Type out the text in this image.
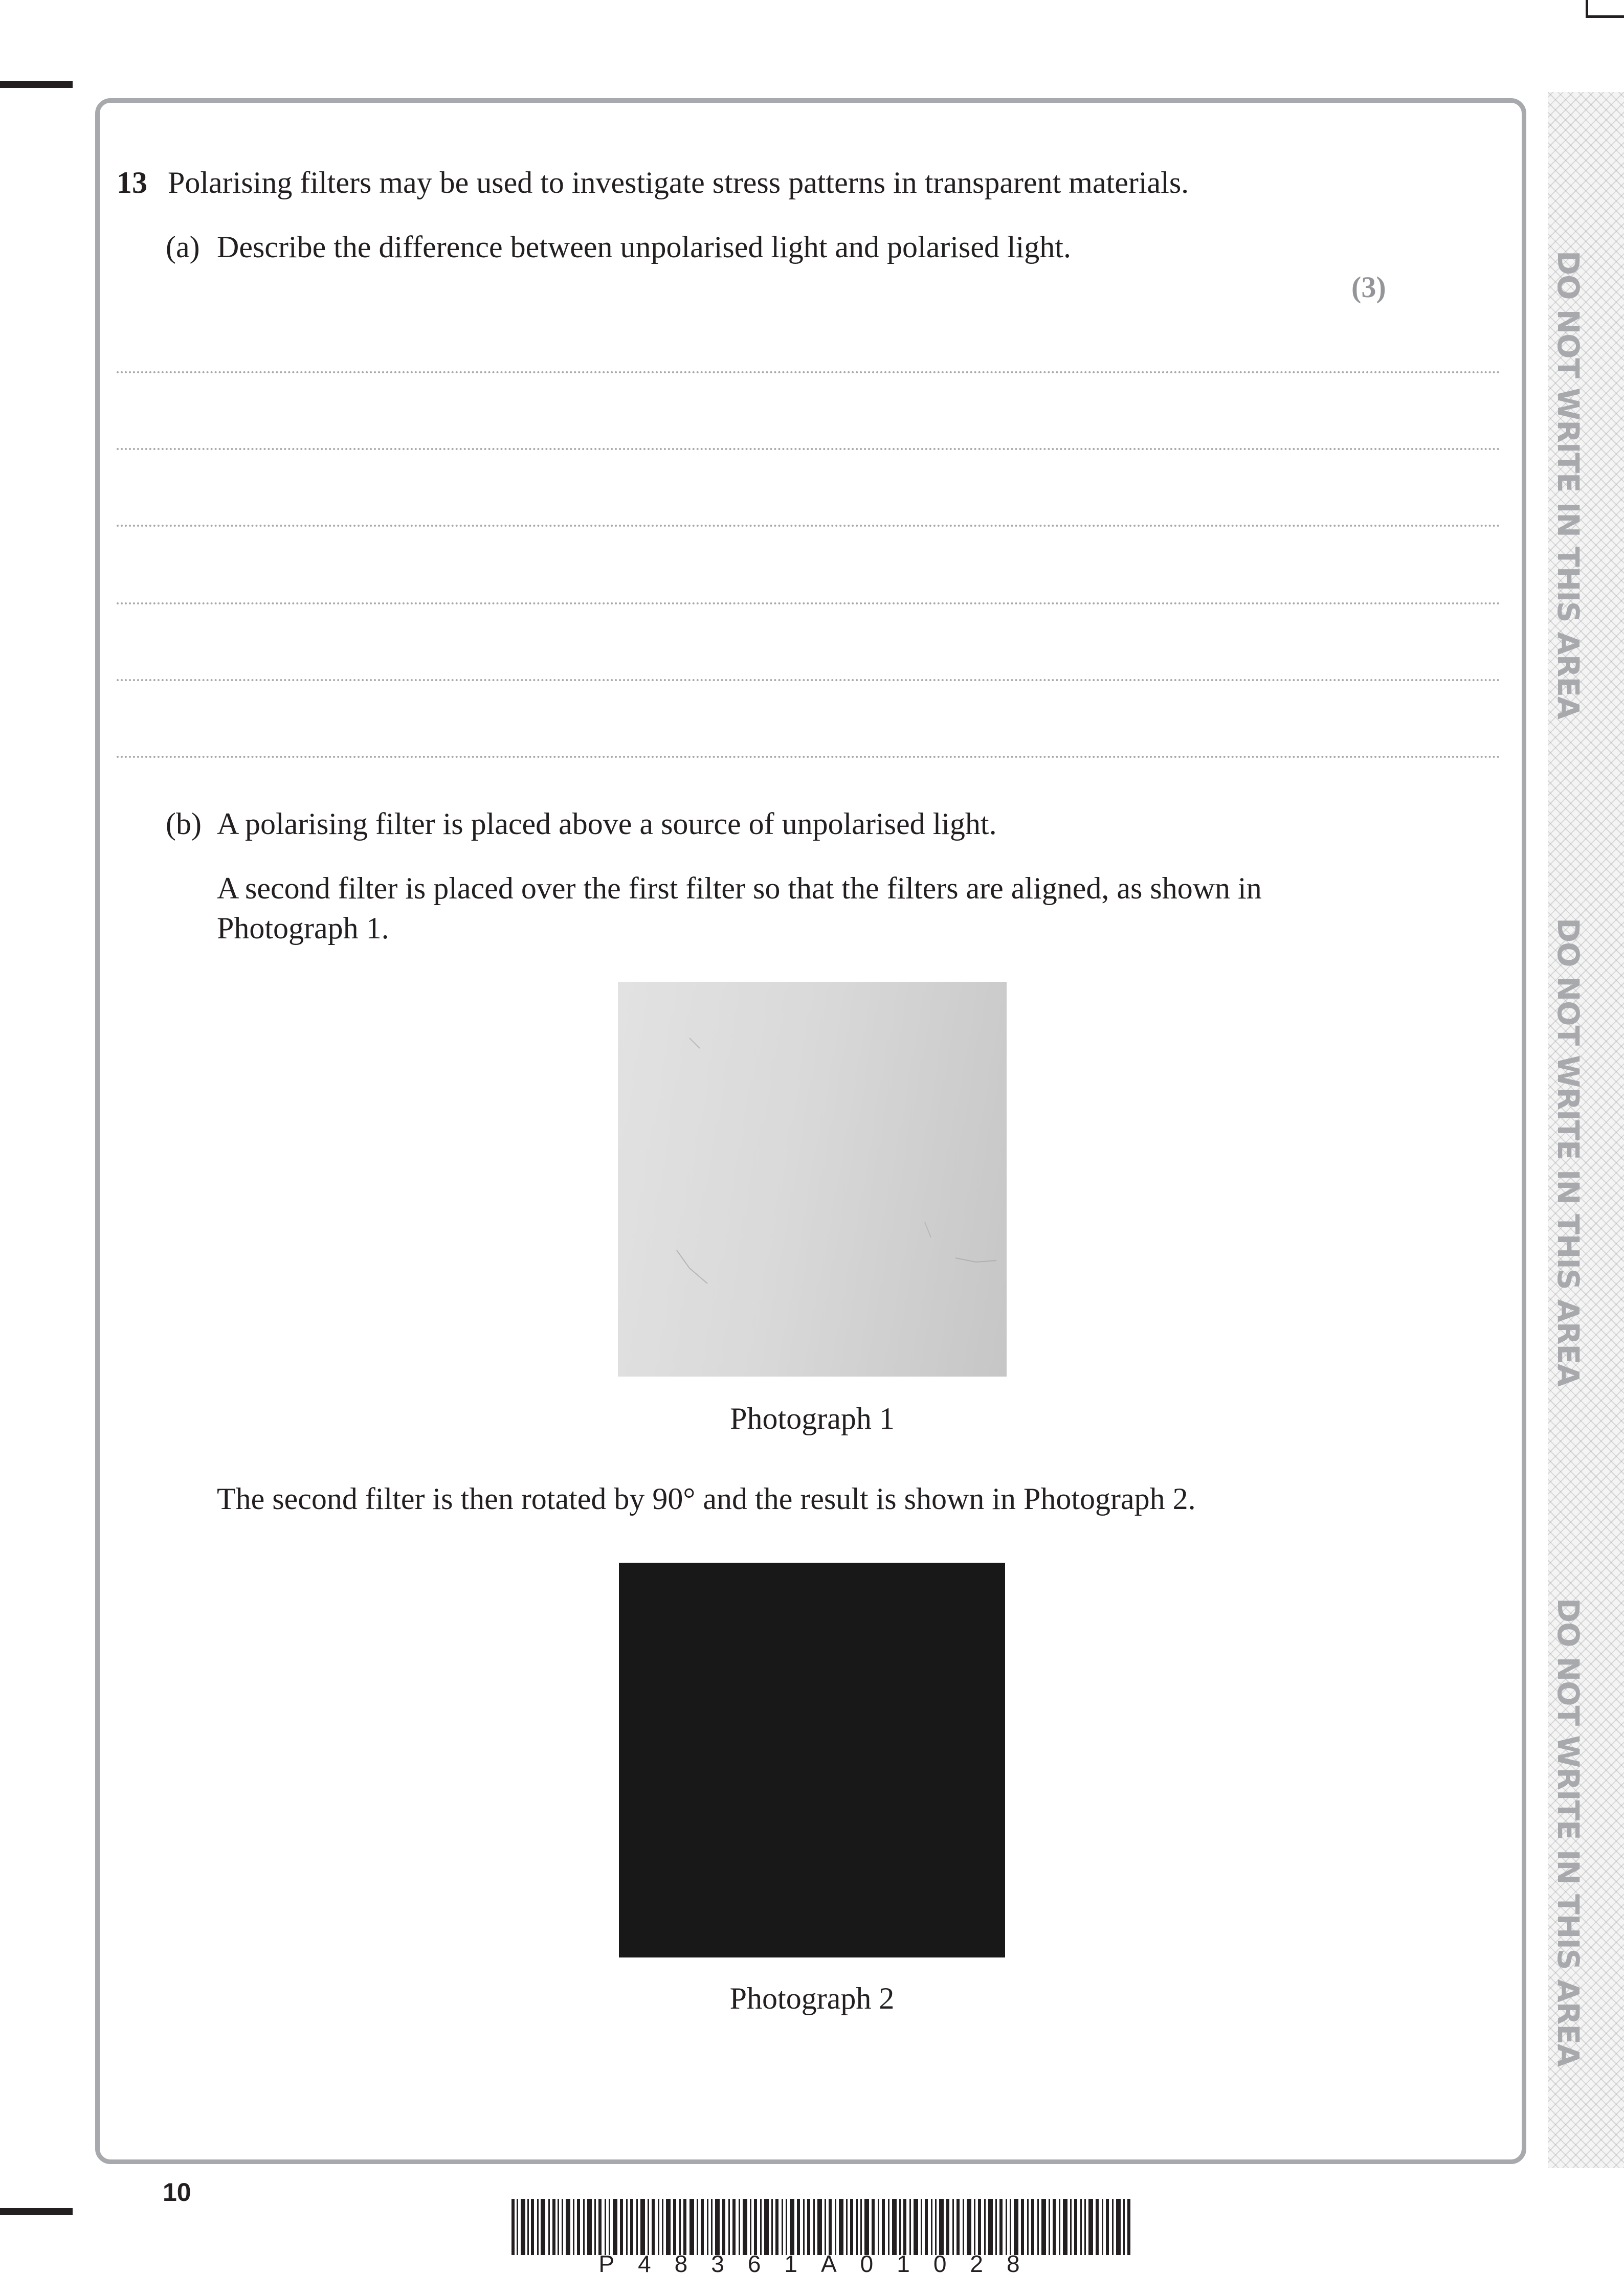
13 Polarising filters may be used to investigate stress patterns in transparent materials.
(a) Describe the difference between unpolarised light and polarised light.
(3)
(b) A polarising filter is placed above a source of unpolarised light.
A second filter is placed over the first filter so that the filters are aligned, as shown in
Photograph 1.
Photograph 1
The second filter is then rotated by 90° and the result is shown in Photograph 2.
Photograph 2
DO NOT WRITE IN THIS AREA
DO NOT WRITE IN THIS AREA
DO NOT WRITE IN THIS AREA
10
P48361A01028
